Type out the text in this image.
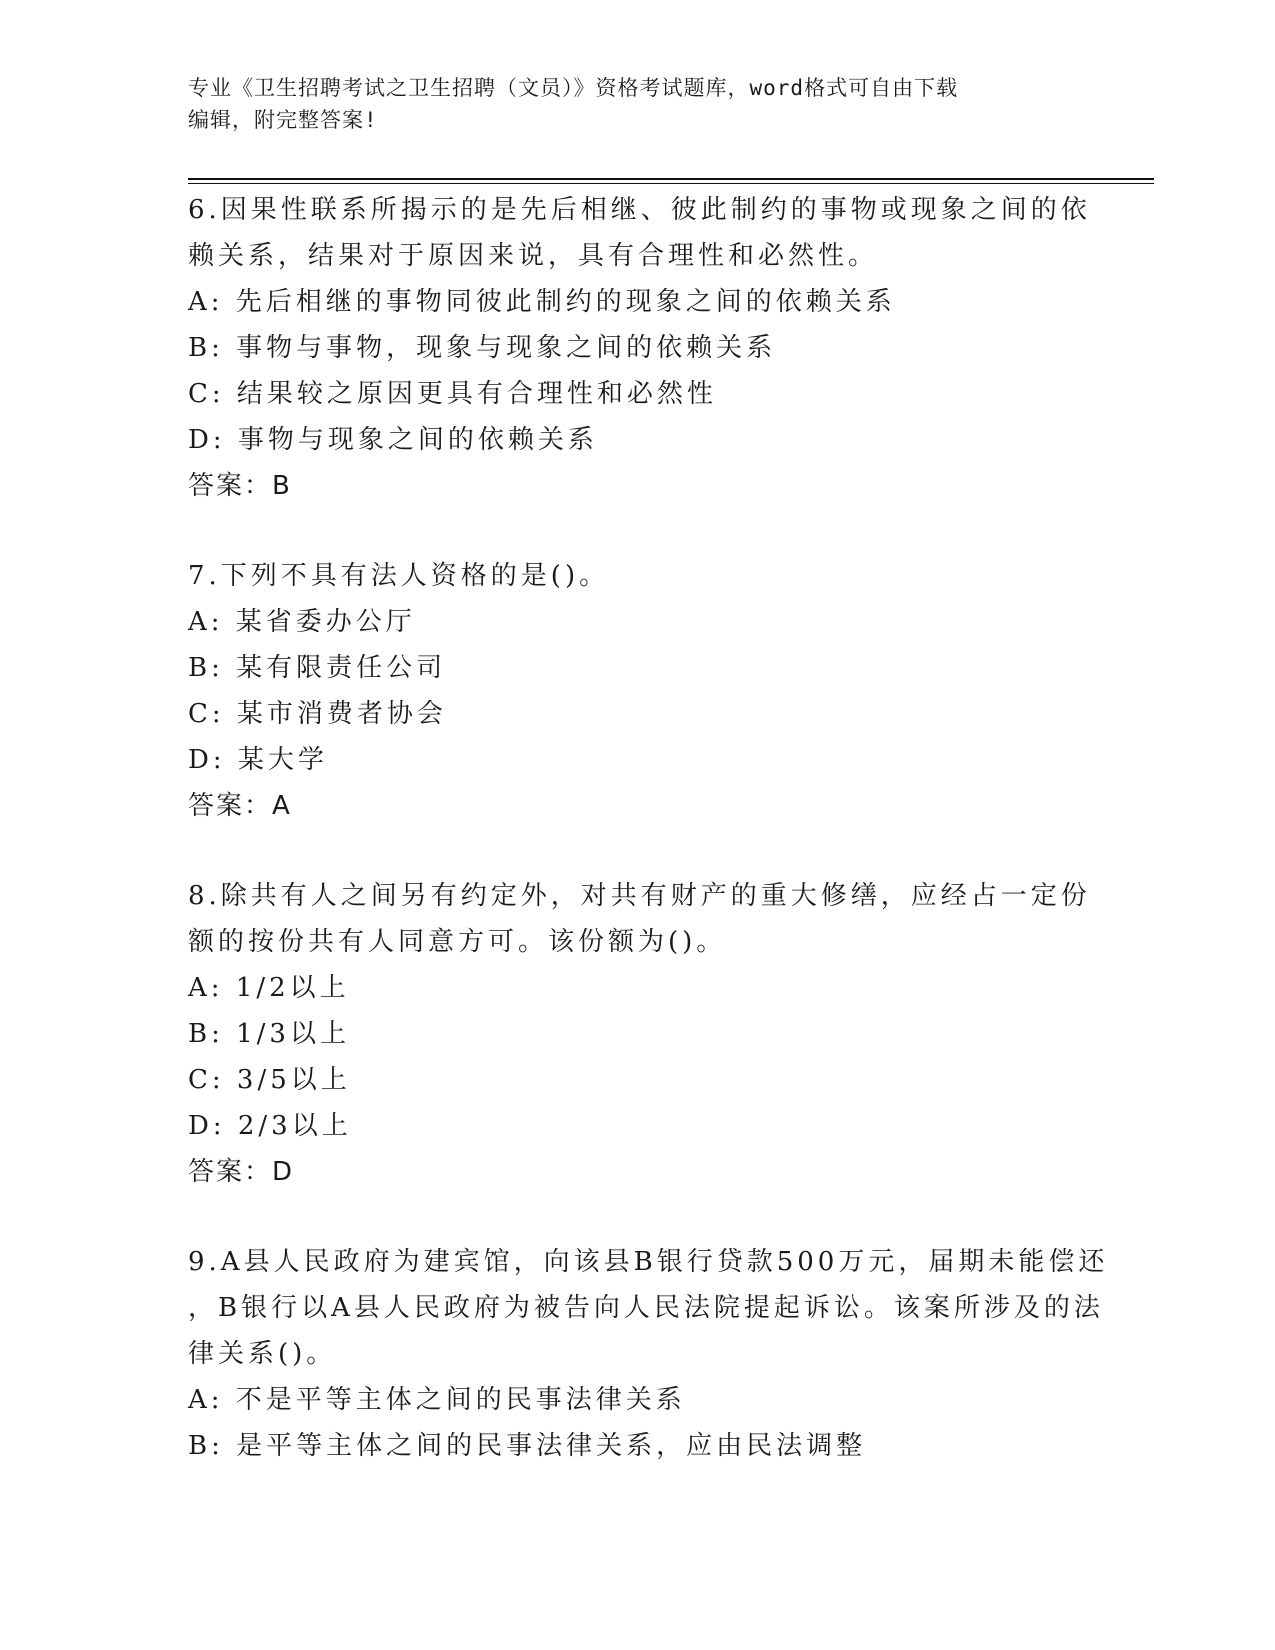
专业《卫生招聘考试之卫生招聘（文员）》资格考试题库，word格式可自由下载
编辑，附完整答案!
6.因果性联系所揭示的是先后相继、彼此制约的事物或现象之间的依
赖关系，结果对于原因来说，具有合理性和必然性。
A: 先后相继的事物同彼此制约的现象之间的依赖关系
B: 事物与事物，现象与现象之间的依赖关系
C: 结果较之原因更具有合理性和必然性
D: 事物与现象之间的依赖关系
答案：B
7.下列不具有法人资格的是()。
A: 某省委办公厅
B: 某有限责任公司
C: 某市消费者协会
D: 某大学
答案：A
8.除共有人之间另有约定外，对共有财产的重大修缮，应经占一定份
额的按份共有人同意方可。该份额为()。
A: 1/2以上
B: 1/3以上
C: 3/5以上
D: 2/3以上
答案：D
9.A县人民政府为建宾馆，向该县B银行贷款500万元，届期未能偿还
，B银行以A县人民政府为被告向人民法院提起诉讼。该案所涉及的法
律关系()。
A: 不是平等主体之间的民事法律关系
B: 是平等主体之间的民事法律关系，应由民法调整
